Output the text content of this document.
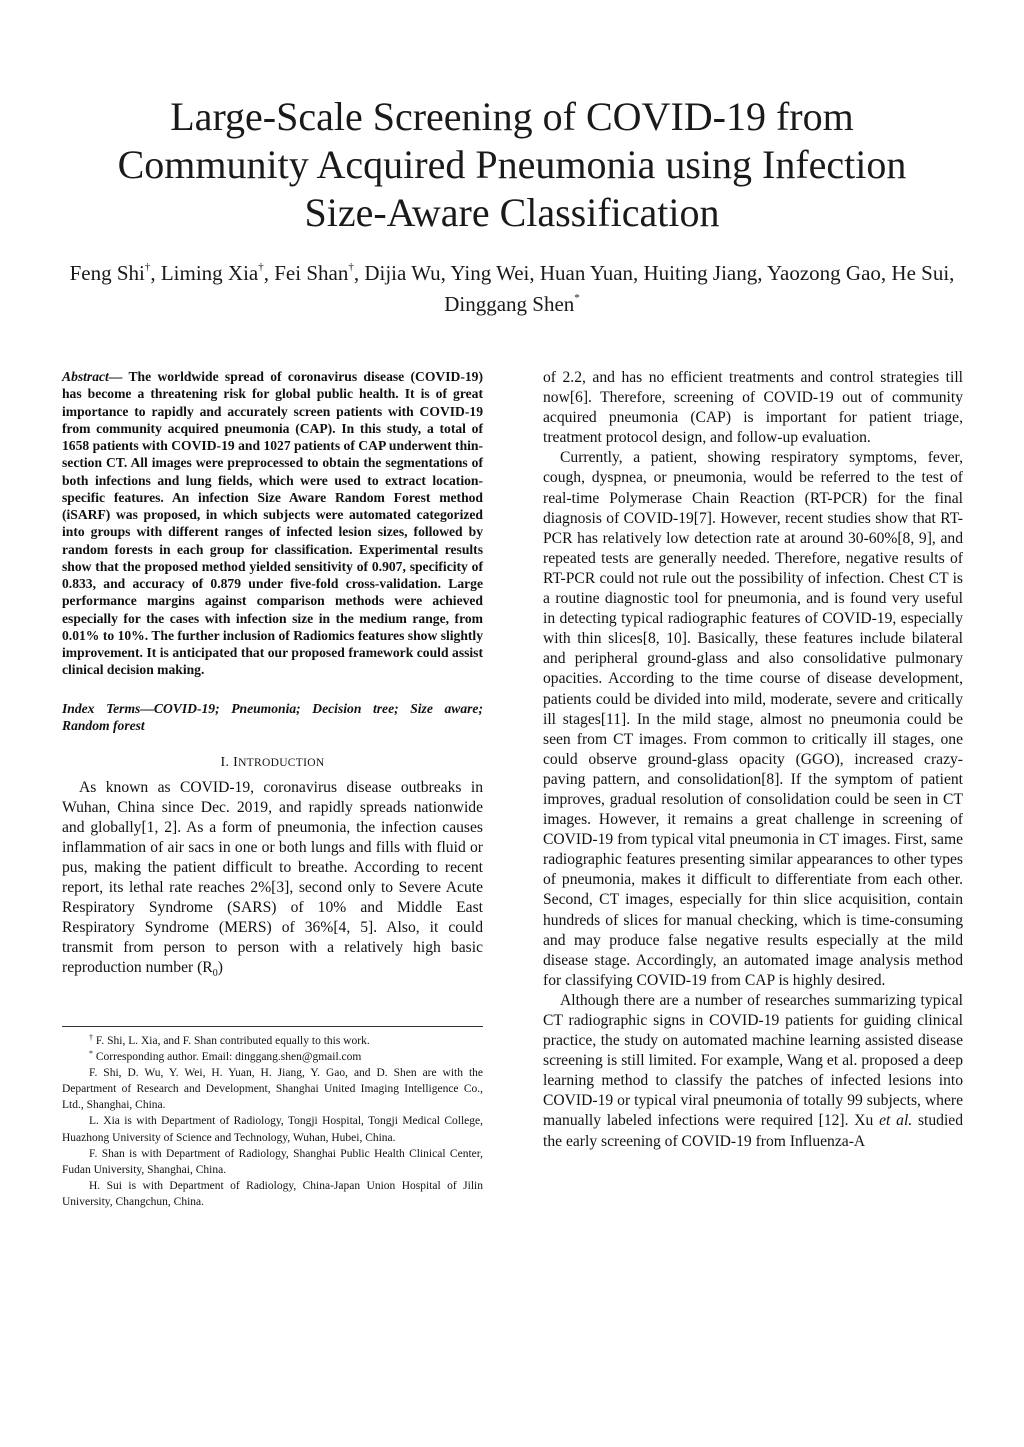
Large-Scale Screening of COVID-19 from
Community Acquired Pneumonia using Infection
Size-Aware Classification
Feng Shi†, Liming Xia†, Fei Shan†, Dijia Wu, Ying Wei, Huan Yuan, Huiting Jiang, Yaozong Gao, He Sui, Dinggang Shen*

Abstract— The worldwide spread of coronavirus disease (COVID-19) has become a threatening risk for global public health. It is of great importance to rapidly and accurately screen patients with COVID-19 from community acquired pneumonia (CAP). In this study, a total of 1658 patients with COVID-19 and 1027 patients of CAP underwent thin-section CT. All images were preprocessed to obtain the segmentations of both infections and lung fields, which were used to extract location-specific features. An infection Size Aware Random Forest method (iSARF) was proposed, in which subjects were automated categorized into groups with different ranges of infected lesion sizes, followed by random forests in each group for classification. Experimental results show that the proposed method yielded sensitivity of 0.907, specificity of 0.833, and accuracy of 0.879 under five-fold cross-validation. Large performance margins against comparison methods were achieved especially for the cases with infection size in the medium range, from 0.01% to 10%. The further inclusion of Radiomics features show slightly improvement. It is anticipated that our proposed framework could assist clinical decision making.

Index Terms—COVID-19; Pneumonia; Decision tree; Size aware; Random forest

I. INTRODUCTION

As known as COVID-19, coronavirus disease outbreaks in Wuhan, China since Dec. 2019, and rapidly spreads nationwide and globally[1, 2]. As a form of pneumonia, the infection causes inflammation of air sacs in one or both lungs and fills with fluid or pus, making the patient difficult to breathe. According to recent report, its lethal rate reaches 2%[3], second only to Severe Acute Respiratory Syndrome (SARS) of 10% and Middle East Respiratory Syndrome (MERS) of 36%[4, 5]. Also, it could transmit from person to person with a relatively high basic reproduction number $(R_0)$

of 2.2, and has no efficient treatments and control strategies till now[6]. Therefore, screening of COVID-19 out of community acquired pneumonia (CAP) is important for patient triage, treatment protocol design, and follow-up evaluation.

Currently, a patient, showing respiratory symptoms, fever, cough, dyspnea, or pneumonia, would be referred to the test of real-time Polymerase Chain Reaction (RT-PCR) for the final diagnosis of COVID-19[7]. However, recent studies show that RT-PCR has relatively low detection rate at around 30-60%[8, 9], and repeated tests are generally needed. Therefore, negative results of RT-PCR could not rule out the possibility of infection. Chest CT is a routine diagnostic tool for pneumonia, and is found very useful in detecting typical radiographic features of COVID-19, especially with thin slices[8, 10]. Basically, these features include bilateral and peripheral ground-glass and also consolidative pulmonary opacities. According to the time course of disease development, patients could be divided into mild, moderate, severe and critically ill stages[11]. In the mild stage, almost no pneumonia could be seen from CT images. From common to critically ill stages, one could observe ground-glass opacity (GGO), increased crazy-paving pattern, and consolidation[8]. If the symptom of patient improves, gradual resolution of consolidation could be seen in CT images. However, it remains a great challenge in screening of COVID-19 from typical vital pneumonia in CT images. First, same radiographic features presenting similar appearances to other types of pneumonia, makes it difficult to differentiate from each other. Second, CT images, especially for thin slice acquisition, contain hundreds of slices for manual checking, which is time-consuming and may produce false negative results especially at the mild disease stage. Accordingly, an automated image analysis method for classifying COVID-19 from CAP is highly desired.

Although there are a number of researches summarizing typical CT radiographic signs in COVID-19 patients for guiding clinical practice, the study on automated machine learning assisted disease screening is still limited. For example, Wang et al. proposed a deep learning method to classify the patches of infected lesions into COVID-19 or typical viral pneumonia of totally 99 subjects, where manually labeled infections were required [12]. Xu et al. studied the early screening of COVID-19 from Influenza-A

† F. Shi, L. Xia, and F. Shan contributed equally to this work.

* Corresponding author. Email: dinggang.shen@gmail.com

F. Shi, D. Wu, Y. Wei, H. Yuan, H. Jiang, Y. Gao, and D. Shen are with the Department of Research and Development, Shanghai United Imaging Intelligence Co., Ltd., Shanghai, China.

L. Xia is with Department of Radiology, Tongji Hospital, Tongji Medical College, Huazhong University of Science and Technology, Wuhan, Hubei, China.

F. Shan is with Department of Radiology, Shanghai Public Health Clinical Center, Fudan University, Shanghai, China.

H. Sui is with Department of Radiology, China-Japan Union Hospital of Jilin University, Changchun, China.
